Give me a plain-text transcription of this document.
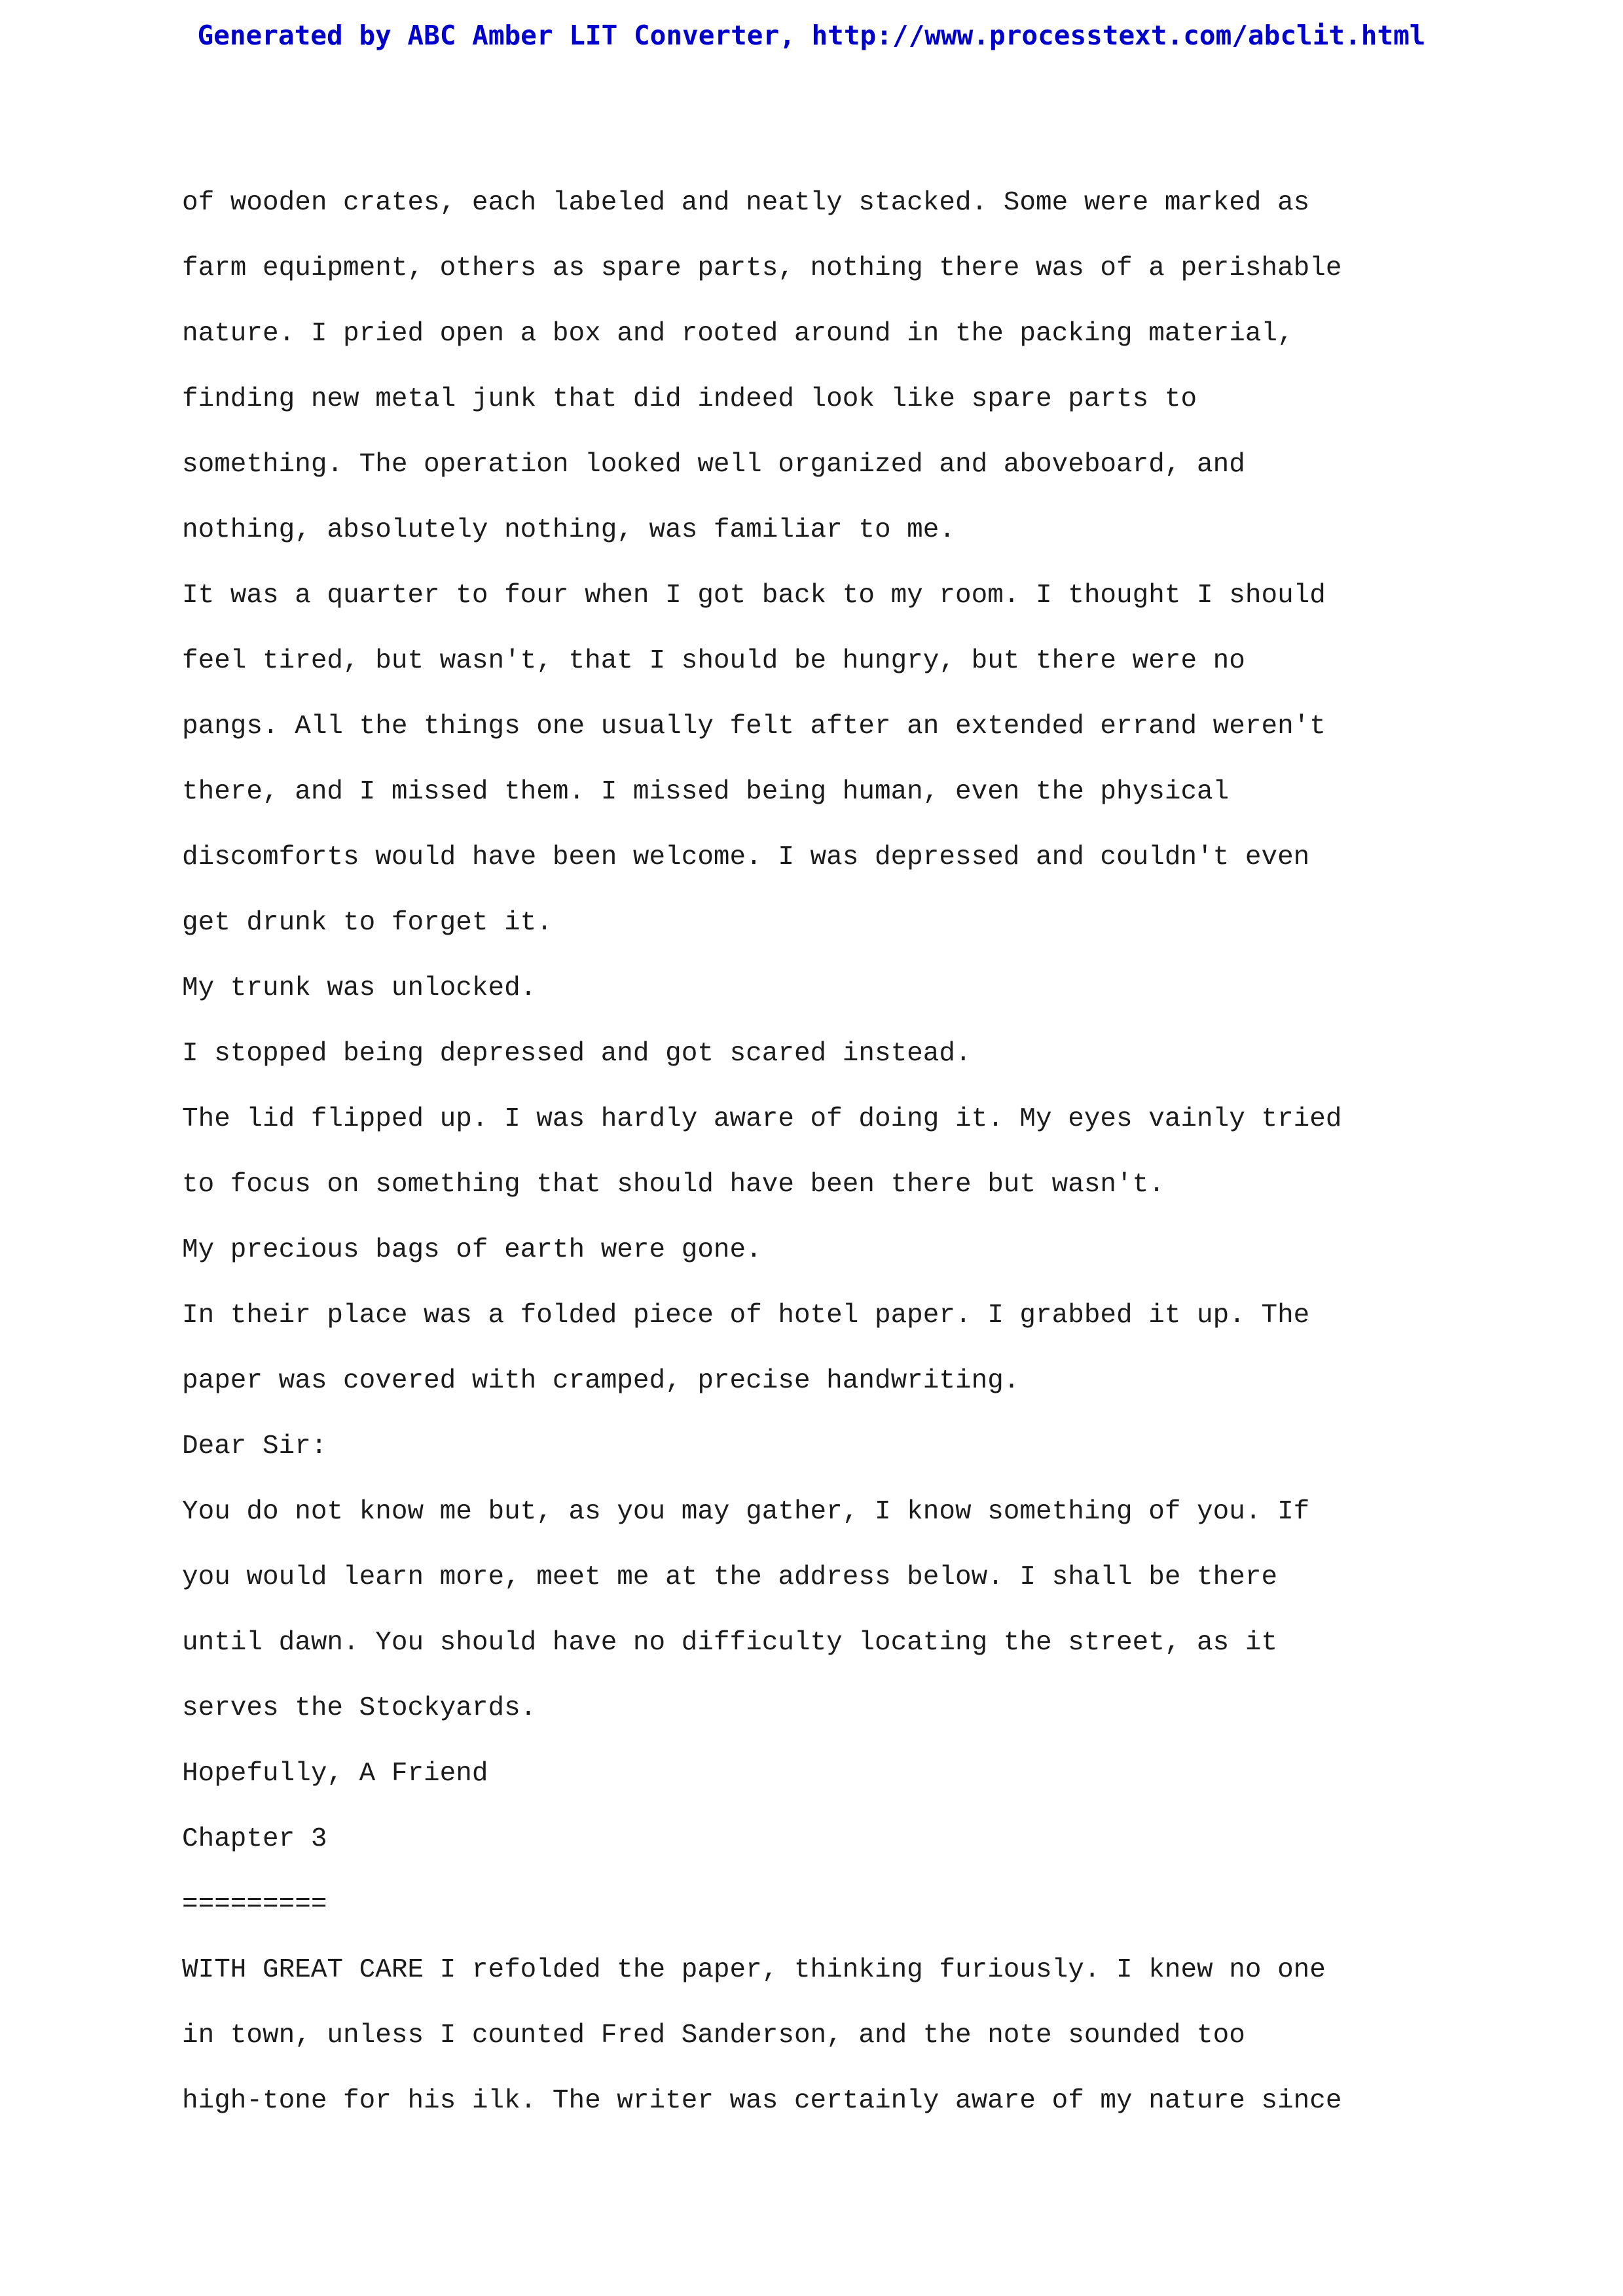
Generated by ABC Amber LIT Converter, http://www.processtext.com/abclit.html
of wooden crates, each labeled and neatly stacked. Some were marked as
farm equipment, others as spare parts, nothing there was of a perishable
nature. I pried open a box and rooted around in the packing material,
finding new metal junk that did indeed look like spare parts to
something. The operation looked well organized and aboveboard, and
nothing, absolutely nothing, was familiar to me.
It was a quarter to four when I got back to my room. I thought I should
feel tired, but wasn't, that I should be hungry, but there were no
pangs. All the things one usually felt after an extended errand weren't
there, and I missed them. I missed being human, even the physical
discomforts would have been welcome. I was depressed and couldn't even
get drunk to forget it.
My trunk was unlocked.
I stopped being depressed and got scared instead.
The lid flipped up. I was hardly aware of doing it. My eyes vainly tried
to focus on something that should have been there but wasn't.
My precious bags of earth were gone.
In their place was a folded piece of hotel paper. I grabbed it up. The
paper was covered with cramped, precise handwriting.
Dear Sir:
You do not know me but, as you may gather, I know something of you. If
you would learn more, meet me at the address below. I shall be there
until dawn. You should have no difficulty locating the street, as it
serves the Stockyards.
Hopefully, A Friend
Chapter 3
=========
WITH GREAT CARE I refolded the paper, thinking furiously. I knew no one
in town, unless I counted Fred Sanderson, and the note sounded too
high-tone for his ilk. The writer was certainly aware of my nature since
